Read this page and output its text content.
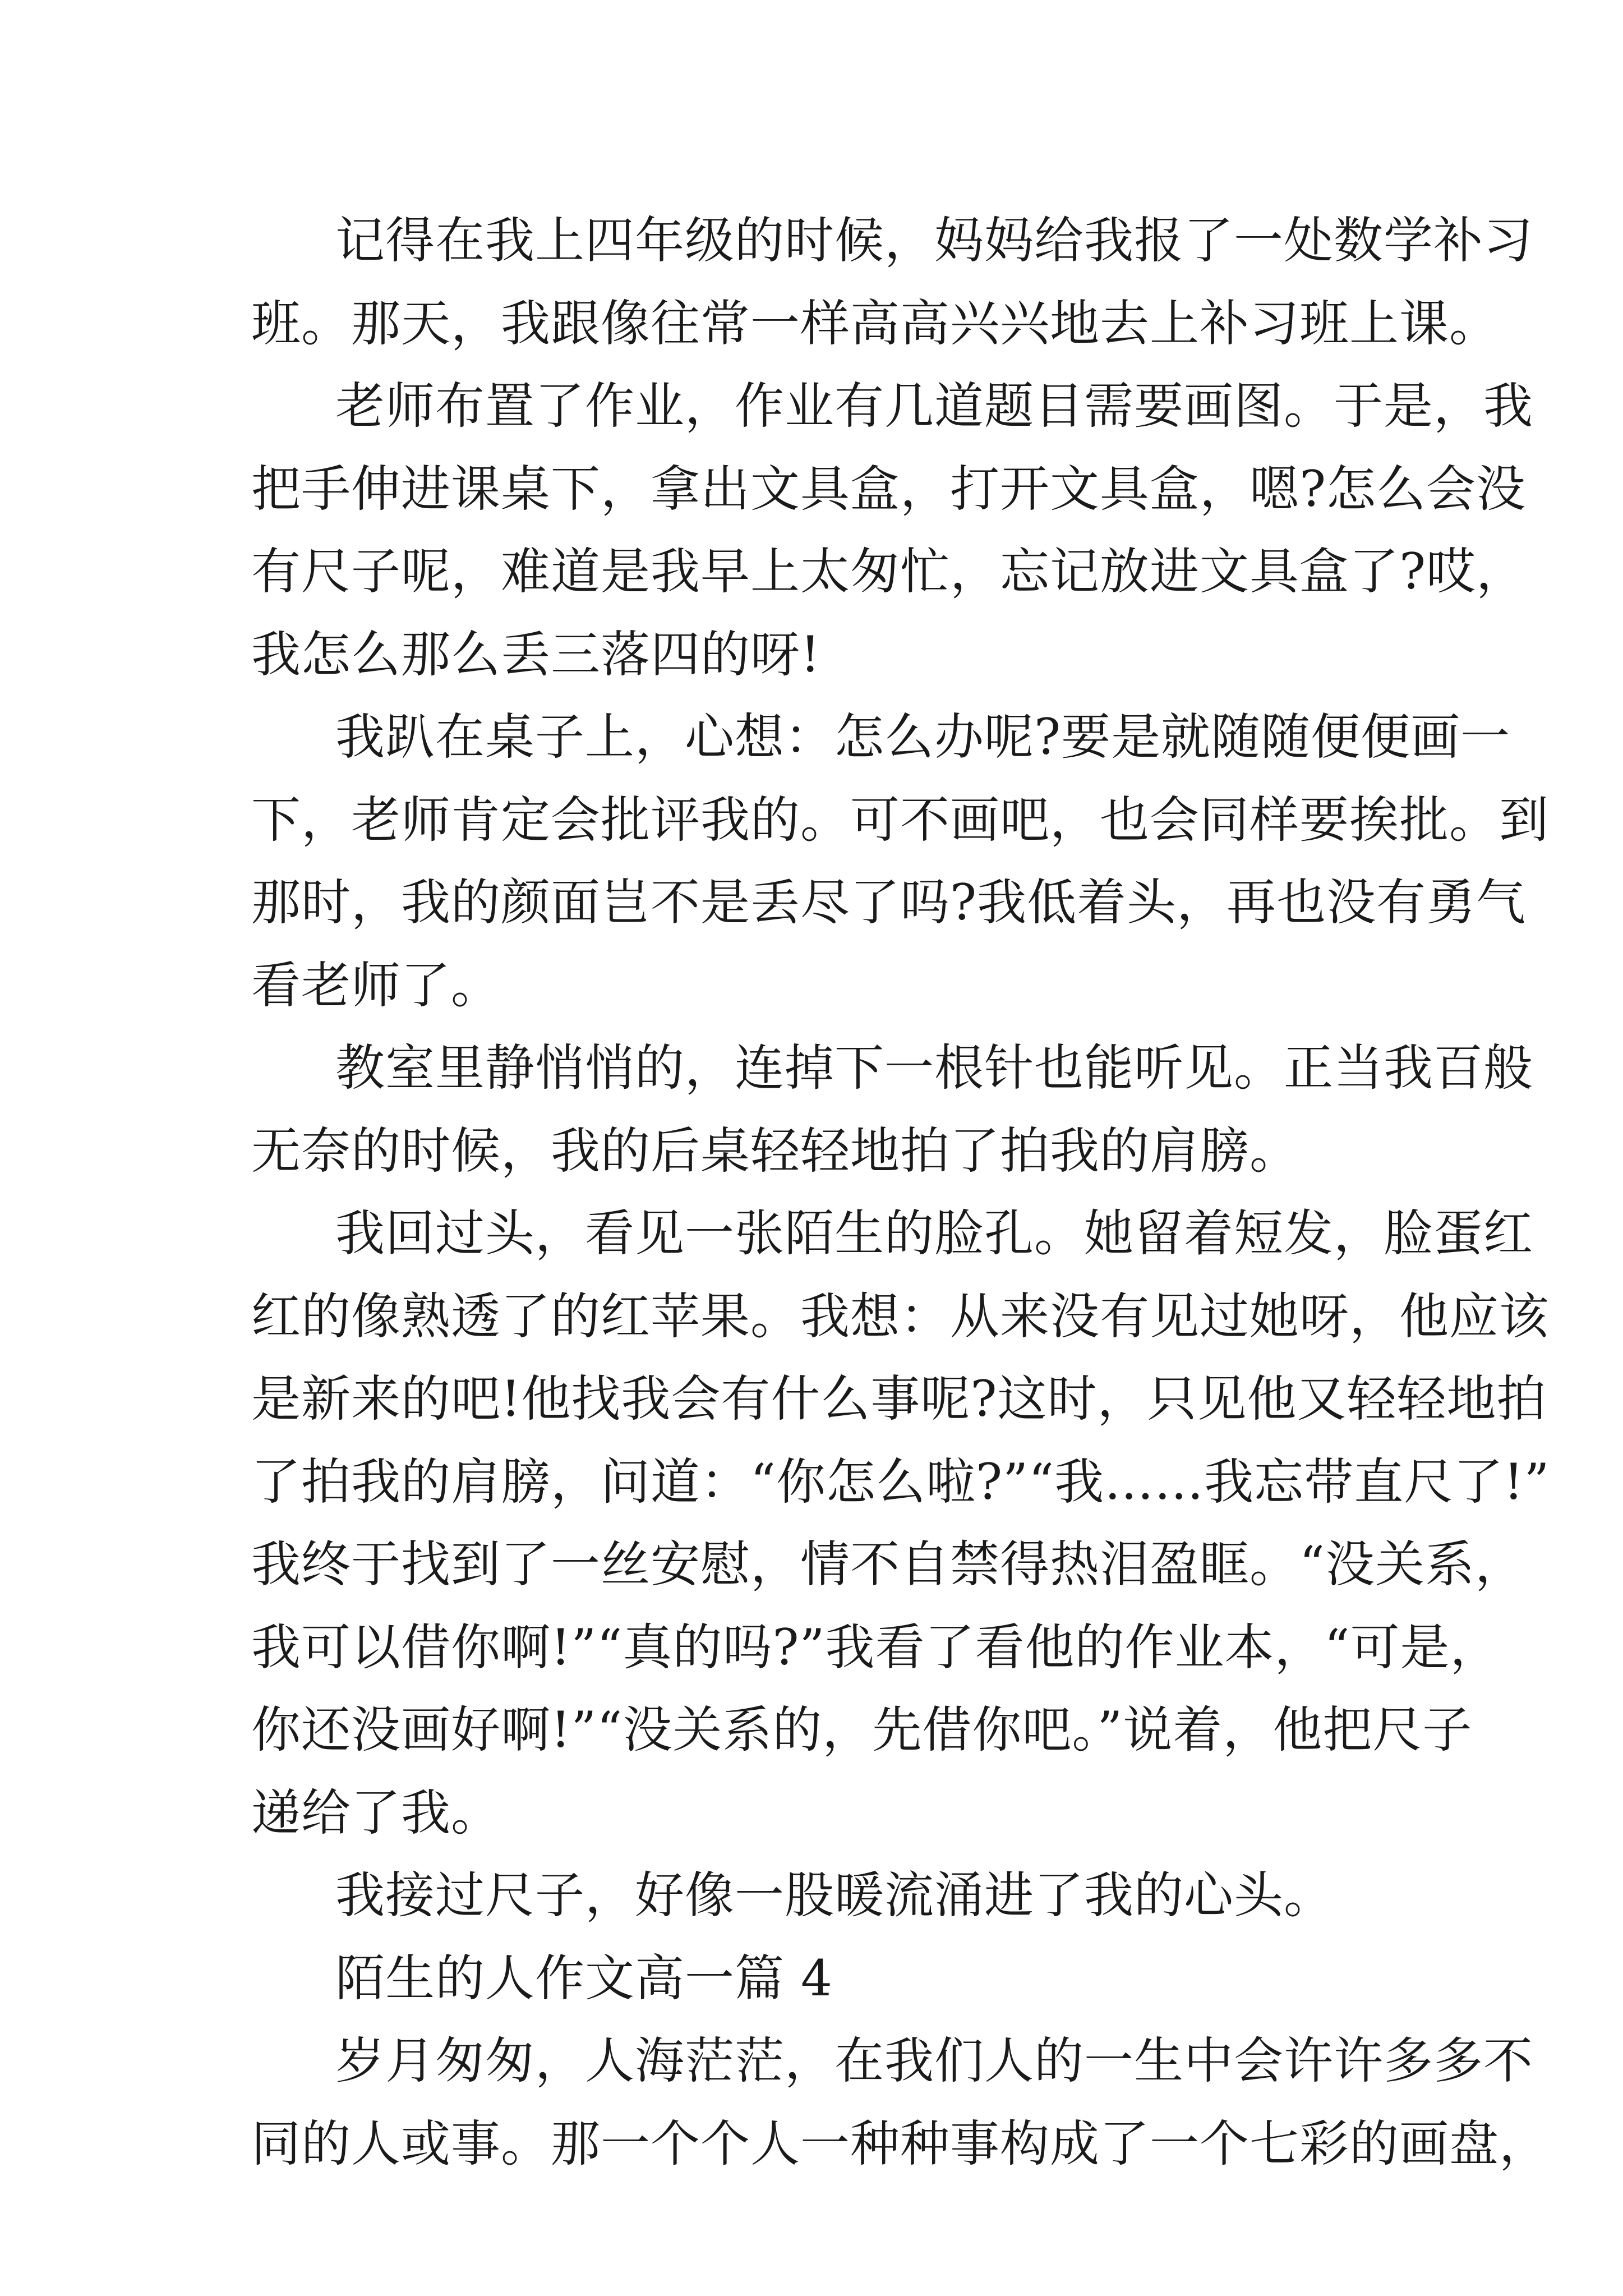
记得在我上四年级的时候，妈妈给我报了一处数学补习
班。那天，我跟像往常一样高高兴兴地去上补习班上课。
老师布置了作业，作业有几道题目需要画图。于是，我
把手伸进课桌下，拿出文具盒，打开文具盒，嗯?怎么会没
有尺子呢，难道是我早上太匆忙，忘记放进文具盒了?哎，
我怎么那么丢三落四的呀!
我趴在桌子上，心想：怎么办呢?要是就随随便便画一
下，老师肯定会批评我的。可不画吧，也会同样要挨批。到
那时，我的颜面岂不是丢尽了吗?我低着头，再也没有勇气
看老师了。
教室里静悄悄的，连掉下一根针也能听见。正当我百般
无奈的时候，我的后桌轻轻地拍了拍我的肩膀。
我回过头，看见一张陌生的脸孔。她留着短发，脸蛋红
红的像熟透了的红苹果。我想：从来没有见过她呀，他应该
是新来的吧!他找我会有什么事呢?这时，只见他又轻轻地拍
了拍我的肩膀，问道：“你怎么啦?”“我……我忘带直尺了!”
我终于找到了一丝安慰，情不自禁得热泪盈眶。“没关系，
我可以借你啊!”“真的吗?”我看了看他的作业本，“可是，
你还没画好啊!”“没关系的，先借你吧。”说着，他把尺子
递给了我。
我接过尺子，好像一股暖流涌进了我的心头。
陌生的人作文高一篇 4
岁月匆匆，人海茫茫，在我们人的一生中会许许多多不
同的人或事。那一个个人一种种事构成了一个七彩的画盘，
